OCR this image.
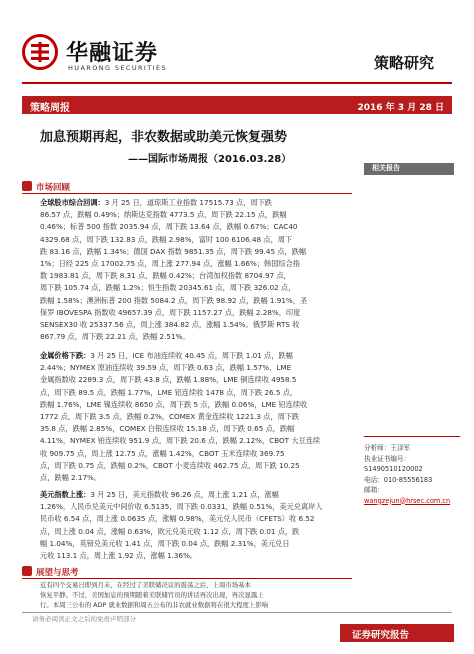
华融证券
HUARONG SECURITIES	策略研究
策略周报	2016 年 3 月 28 日
加息预期再起，非农数据或助美元恢复强势
——国际市场周报（2016.03.28）
相关报告
市场回顾
全球股市综合回调：3 月 25 日，道琼斯工业指数 17515.73 点，周下跌
86.57 点，跌幅 0.49%；纳斯达克指数 4773.5 点，周下跌 22.15 点，跌幅
0.46%；标普 500 指数 2035.94 点，周下跌 13.64 点，跌幅 0.67%；CAC40
4329.68 点，周下跌 132.83 点，跌幅 2.98%，富时 100 6106.48 点，周下
跌 83.16 点，跌幅 1.34%；德国 DAX 指数 9851.35 点，周下跌 99.45 点，跌幅
1%；日经 225 点 17002.75 点，周上涨 277.94 点，涨幅 1.66%；韩国综合指
数 1983.81 点，周下跌 8.31 点，跌幅 0.42%；台湾加权指数 8704.97 点，
周下跌 105.74 点，跌幅 1.2%；恒生指数 20345.61 点，周下跌 326.02 点，
跌幅 1.58%；澳洲标普 200 指数 5084.2 点，周下跌 98.92 点，跌幅 1.91%，圣
保罗 IBOVESPA 指数收 49657.39 点，周下跌 1157.27 点，跌幅 2.28%，印度
SENSEX30 收 25337.56 点，周上涨 384.82 点，涨幅 1.54%。俄罗斯 RTS 收
867.79 点，周下跌 22.21 点，跌幅 2.51%。
金属价格下跌：3 月 25 日，ICE 布油连续收 40.45 点，周下跌 1.01 点，跌幅
2.44%；NYMEX 原油连续收 39.59 点，周下跌 0.63 点，跌幅 1.57%，LME
金属指数收 2289.3 点，周下跌 43.8 点，跌幅 1.88%，LME 铜连续收 4958.5
点，周下跌 89.5 点，跌幅 1.77%，LME 铝连续收 1478 点，周下跌 26.5 点，
跌幅 1.76%，LME 镍连续收 8650 点，周下跌 5 点，跌幅 0.06%，LME 铅连续收
1772 点，周下跌 3.5 点，跌幅 0.2%，COMEX 黄金连续收 1221.3 点，周下跌
35.8 点，跌幅 2.85%，COMEX 白银连续收 15.18 点，周下跌 0.65 点，跌幅
4.11%，NYMEX 铂连续收 951.9 点，周下跌 20.6 点，跌幅 2.12%，CBOT 大豆连续
收 909.75 点，周上涨 12.75 点，涨幅 1.42%，CBOT 玉米连续收 369.75
点，周下跌 0.75 点，跌幅 0.2%，CBOT 小麦连续收 462.75 点，周下跌 10.25
点，跌幅 2.17%。
美元指数上涨：3 月 25 日，美元指数收 96.26 点，周上涨 1.21 点，涨幅
1.26%，人民币兑美元中间价收 6.5135，周下跌 0.0331，跌幅 0.51%，美元兑离岸人
民币收 6.54 点，周上涨 0.0635 点，涨幅 0.98%，美元兑人民币（CFETS）收 6.52
点，周上涨 0.04 点，涨幅 0.63%，欧元兑美元收 1.12 点，周下跌 0.01 点，跌
幅 1.04%，英镑兑美元收 1.41 点，周下跌 0.04 点，跌幅 2.31%，美元兑日
元收 113.1 点，周上涨 1.92 点，涨幅 1.36%。
展望与思考
近有四个交易日即到月末，在经过了美联储决议的震荡之后，上周市场基本
恢复平静。不过，美国加息的预期随着美联储官员的讲话再次出现，再次显露上
行。本周三公布的 ADP 就业数据和周五公布的非农就业数据将在很大程度上影响
分析师：王泽军
执业证书编号：S1490510120002
电话：010-85556183
邮箱：
wangzejun@hrsec.com.cn
请务必阅读正文之后的免责声明部分
证券研究报告
